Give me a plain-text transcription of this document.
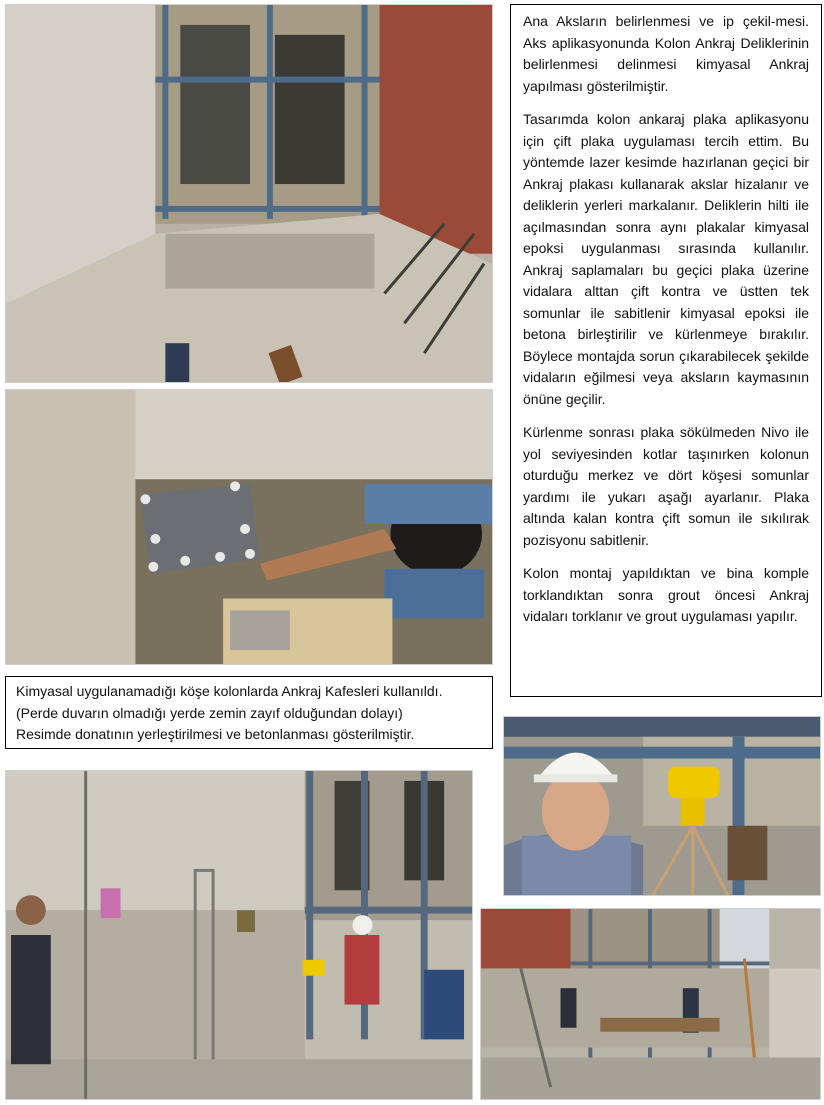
Ana Aksların belirlenmesi ve ip çekil-mesi. Aks aplikasyonunda Kolon Ankraj Deliklerinin belirlenmesi delinmesi kimyasal Ankraj yapılması gösterilmiştir.

Tasarımda kolon ankaraj plaka aplikasyonu için çift plaka uygulaması tercih ettim. Bu yöntemde lazer kesimde hazırlanan geçici bir Ankraj plakası kullanarak akslar hizalanır ve deliklerin yerleri markalanır. Deliklerin hilti ile açılmasından sonra aynı plakalar kimyasal epoksi uygulanması sırasında kullanılır. Ankraj saplamaları bu geçici plaka üzerine vidalara alttan çift kontra ve üstten tek somunlar ile sabitlenir kimyasal epoksi ile betona birleştirilir ve kürlenmeye bırakılır. Böylece montajda sorun çıkarabilecek şekilde vidaların eğilmesi veya aksların kaymasının önüne geçilir.

Kürlenme sonrası plaka sökülmeden Nivo ile yol seviyesinden kotlar taşınırken kolonun oturduğu merkez ve dört köşesi somunlar yardımı ile yukarı aşağı ayarlanır. Plaka altında kalan kontra çift somun ile sıkılırak pozisyonu sabitlenir.

Kolon montaj yapıldıktan ve bina komple torklandıktan sonra grout öncesi Ankraj vidaları torklanır ve grout uygulaması yapılır.

Kimyasal uygulanamadığı köşe kolonlarda Ankraj Kafesleri kullanıldı.
(Perde duvarın olmadığı yerde zemin zayıf olduğundan dolayı)
Resimde donatının yerleştirilmesi ve betonlanması gösterilmiştir.
